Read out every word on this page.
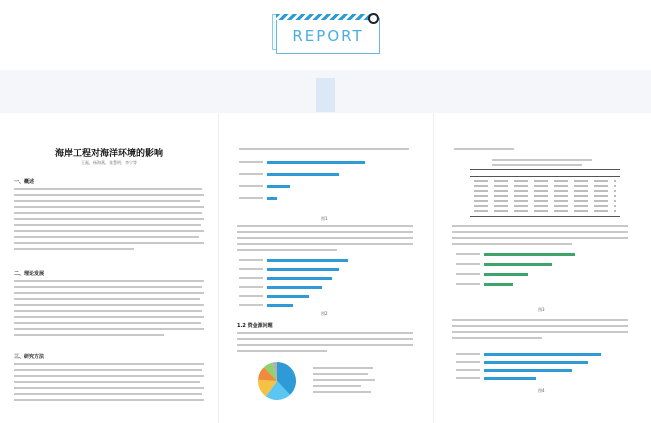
REPORT
海岸工程对海洋环境的影响
王磊，杨海燕，张慧明，李宁等
一、概述
二、理论发展
三、研究方法
图1
图2
1.2 资金源问题
图3
图4
